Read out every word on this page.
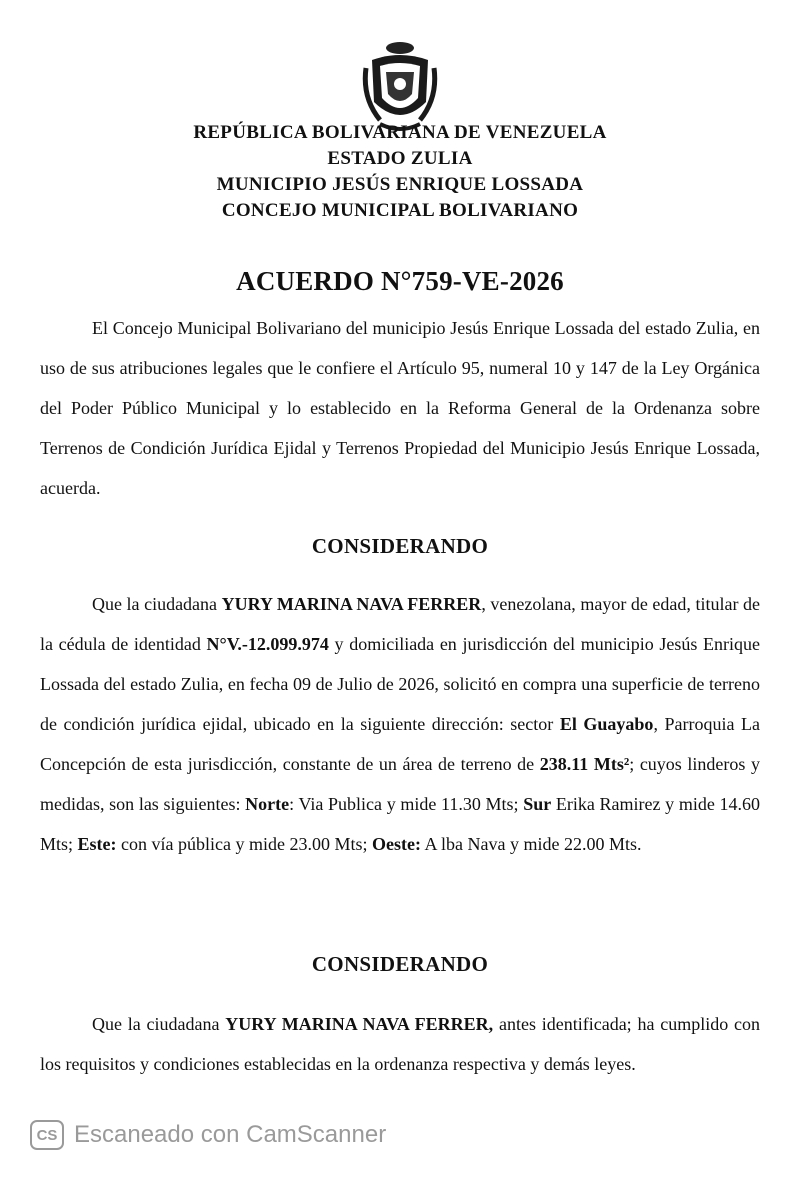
REPÚBLICA BOLIVARIANA DE VENEZUELA
ESTADO ZULIA
MUNICIPIO JESÚS ENRIQUE LOSSADA
CONCEJO MUNICIPAL BOLIVARIANO
ACUERDO N°759-VE-2026

El Concejo Municipal Bolivariano del municipio Jesús Enrique Lossada del estado Zulia, en uso de sus atribuciones legales que le confiere el Artículo 95, numeral 10 y 147 de la Ley Orgánica del Poder Público Municipal y lo establecido en la Reforma General de la Ordenanza sobre Terrenos de Condición Jurídica Ejidal y Terrenos Propiedad del Municipio Jesús Enrique Lossada, acuerda.

CONSIDERANDO

Que la ciudadana YURY MARINA NAVA FERRER, venezolana, mayor de edad, titular de la cédula de identidad N°V.-12.099.974 y domiciliada en jurisdicción del municipio Jesús Enrique Lossada del estado Zulia, en fecha 09 de Julio de 2026, solicitó en compra una superficie de terreno de condición jurídica ejidal, ubicado en la siguiente dirección: sector El Guayabo, Parroquia La Concepción de esta jurisdicción, constante de un área de terreno de 238.11 Mts²; cuyos linderos y medidas, son las siguientes: Norte: Via Publica y mide 11.30 Mts; Sur Erika Ramirez y mide 14.60 Mts; Este: con vía pública y mide 23.00 Mts; Oeste: A lba Nava y mide 22.00 Mts.

CONSIDERANDO

Que la ciudadana YURY MARINA NAVA FERRER, antes identificada; ha cumplido con los requisitos y condiciones establecidas en la ordenanza respectiva y demás leyes.

CS Escaneado con CamScanner
